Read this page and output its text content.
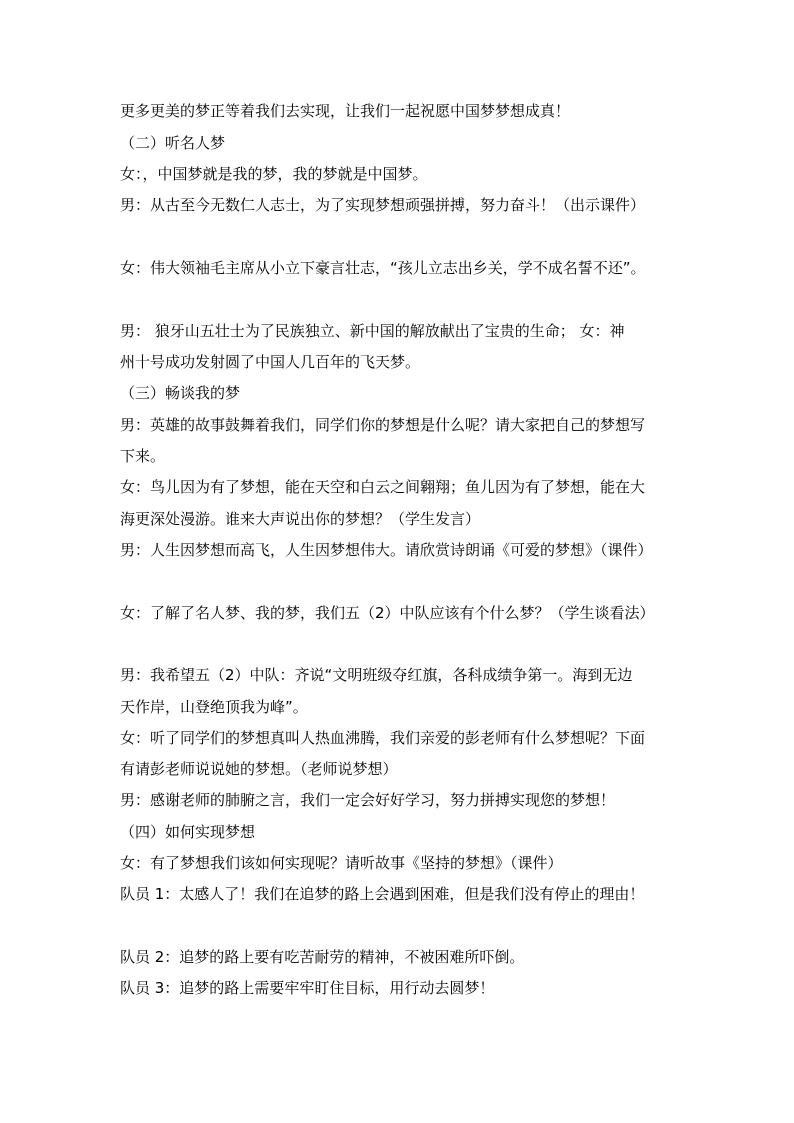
更多更美的梦正等着我们去实现，让我们一起祝愿中国梦梦想成真！
（二）听名人梦
女：，中国梦就是我的梦，我的梦就是中国梦。
男：从古至今无数仁人志士，为了实现梦想顽强拼搏，努力奋斗！（出示课件）
女：伟大领袖毛主席从小立下豪言壮志，“孩儿立志出乡关，学不成名誓不还”。
男： 狼牙山五壮士为了民族独立、新中国的解放献出了宝贵的生命； 女：神
州十号成功发射圆了中国人几百年的飞天梦。
（三）畅谈我的梦
男：英雄的故事鼓舞着我们，同学们你的梦想是什么呢？请大家把自己的梦想写
下来。
女：鸟儿因为有了梦想，能在天空和白云之间翱翔；鱼儿因为有了梦想，能在大
海更深处漫游。谁来大声说出你的梦想？（学生发言）
男：人生因梦想而高飞，人生因梦想伟大。请欣赏诗朗诵《可爱的梦想》（课件）
女：了解了名人梦、我的梦，我们五（2）中队应该有个什么梦？（学生谈看法）
男：我希望五（2）中队：齐说“文明班级夺红旗，各科成绩争第一。海到无边
天作岸，山登绝顶我为峰”。
女：听了同学们的梦想真叫人热血沸腾，我们亲爱的彭老师有什么梦想呢？下面
有请彭老师说说她的梦想。（老师说梦想）
男：感谢老师的肺腑之言，我们一定会好好学习，努力拼搏实现您的梦想！
（四）如何实现梦想
女：有了梦想我们该如何实现呢？请听故事《坚持的梦想》（课件）
队员 1：太感人了！我们在追梦的路上会遇到困难，但是我们没有停止的理由！
队员 2：追梦的路上要有吃苦耐劳的精神，不被困难所吓倒。
队员 3：追梦的路上需要牢牢盯住目标，用行动去圆梦！
